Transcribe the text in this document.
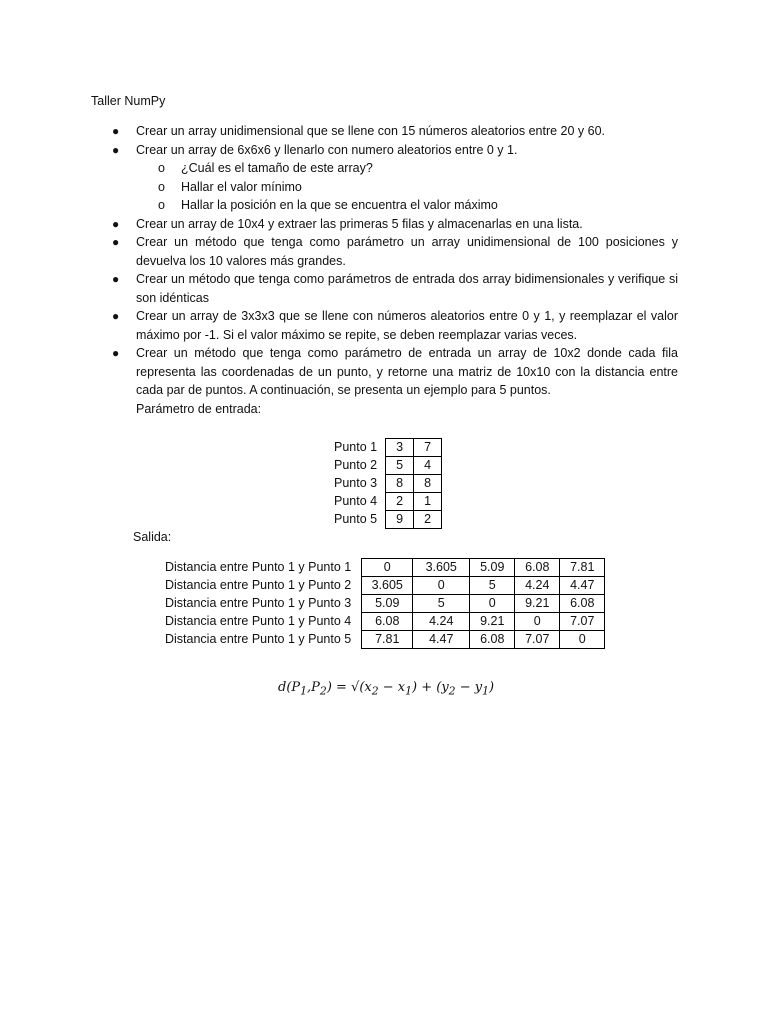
Taller NumPy
● Crear un array unidimensional que se llene con 15 números aleatorios entre 20 y 60.
● Crear un array de 6x6x6 y llenarlo con numero aleatorios entre 0 y 1.
o ¿Cuál es el tamaño de este array?
o Hallar el valor mínimo
o Hallar la posición en la que se encuentra el valor máximo
● Crear un array de 10x4 y extraer las primeras 5 filas y almacenarlas en una lista.
● Crear un método que tenga como parámetro un array unidimensional de 100 posiciones y devuelva los 10 valores más grandes.
● Crear un método que tenga como parámetros de entrada dos array bidimensionales y verifique si son idénticas
● Crear un array de 3x3x3 que se llene con números aleatorios entre 0 y 1, y reemplazar el valor máximo por -1. Si el valor máximo se repite, se deben reemplazar varias veces.
● Crear un método que tenga como parámetro de entrada un array de 10x2 donde cada fila representa las coordenadas de un punto, y retorne una matriz de 10x10 con la distancia entre cada par de puntos. A continuación, se presenta un ejemplo para 5 puntos.
Parámetro de entrada:
Punto 1	3	7
Punto 2	5	4
Punto 3	8	8
Punto 4	2	1
Punto 5	9	2
Salida:
Distancia entre Punto 1 y Punto 1	0	3.605	5.09	6.08	7.81
Distancia entre Punto 1 y Punto 2	3.605	0	5	4.24	4.47
Distancia entre Punto 1 y Punto 3	5.09	5	0	9.21	6.08
Distancia entre Punto 1 y Punto 4	6.08	4.24	9.21	0	7.07
Distancia entre Punto 1 y Punto 5	7.81	4.47	6.08	7.07	0
$d(P_1,P_2) = √(x_2 - x_1) + (y_2 - y_1)$
